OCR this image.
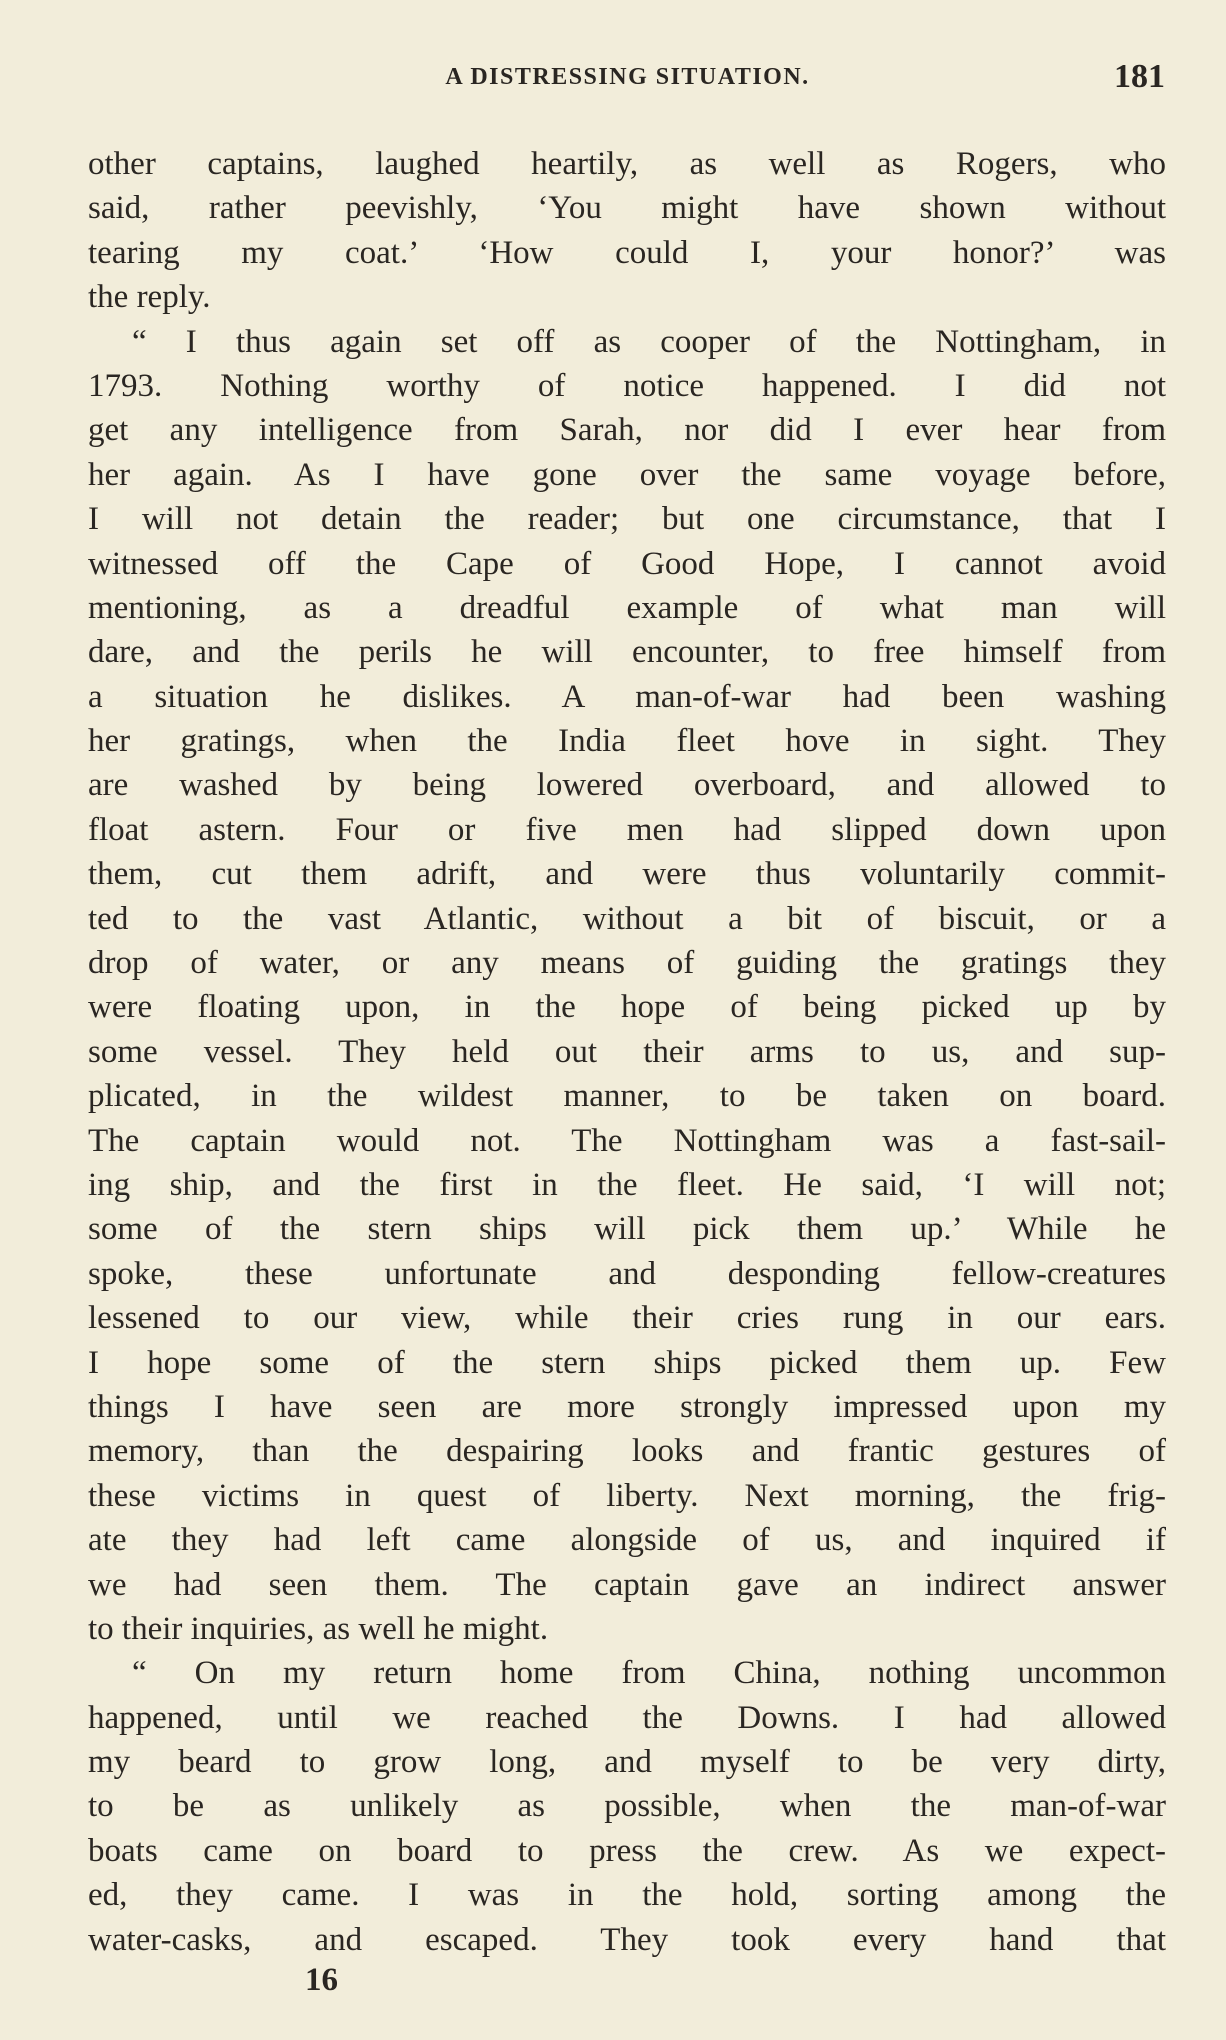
A DISTRESSING SITUATION.	181
other captains, laughed heartily, as well as Rogers, who
said, rather peevishly, ‘You might have shown without
tearing my coat.’ ‘How could I, your honor?’ was
the reply.
“ I thus again set off as cooper of the Nottingham, in
1793. Nothing worthy of notice happened. I did not
get any intelligence from Sarah, nor did I ever hear from
her again. As I have gone over the same voyage before,
I will not detain the reader; but one circumstance, that I
witnessed off the Cape of Good Hope, I cannot avoid
mentioning, as a dreadful example of what man will
dare, and the perils he will encounter, to free himself from
a situation he dislikes. A man-of-war had been washing
her gratings, when the India fleet hove in sight. They
are washed by being lowered overboard, and allowed to
float astern. Four or five men had slipped down upon
them, cut them adrift, and were thus voluntarily commit-
ted to the vast Atlantic, without a bit of biscuit, or a
drop of water, or any means of guiding the gratings they
were floating upon, in the hope of being picked up by
some vessel. They held out their arms to us, and sup-
plicated, in the wildest manner, to be taken on board.
The captain would not. The Nottingham was a fast-sail-
ing ship, and the first in the fleet. He said, ‘I will not;
some of the stern ships will pick them up.’ While he
spoke, these unfortunate and desponding fellow-creatures
lessened to our view, while their cries rung in our ears.
I hope some of the stern ships picked them up. Few
things I have seen are more strongly impressed upon my
memory, than the despairing looks and frantic gestures of
these victims in quest of liberty. Next morning, the frig-
ate they had left came alongside of us, and inquired if
we had seen them. The captain gave an indirect answer
to their inquiries, as well he might.
“ On my return home from China, nothing uncommon
happened, until we reached the Downs. I had allowed
my beard to grow long, and myself to be very dirty,
to be as unlikely as possible, when the man-of-war
boats came on board to press the crew. As we expect-
ed, they came. I was in the hold, sorting among the
water-casks, and escaped. They took every hand that
16
